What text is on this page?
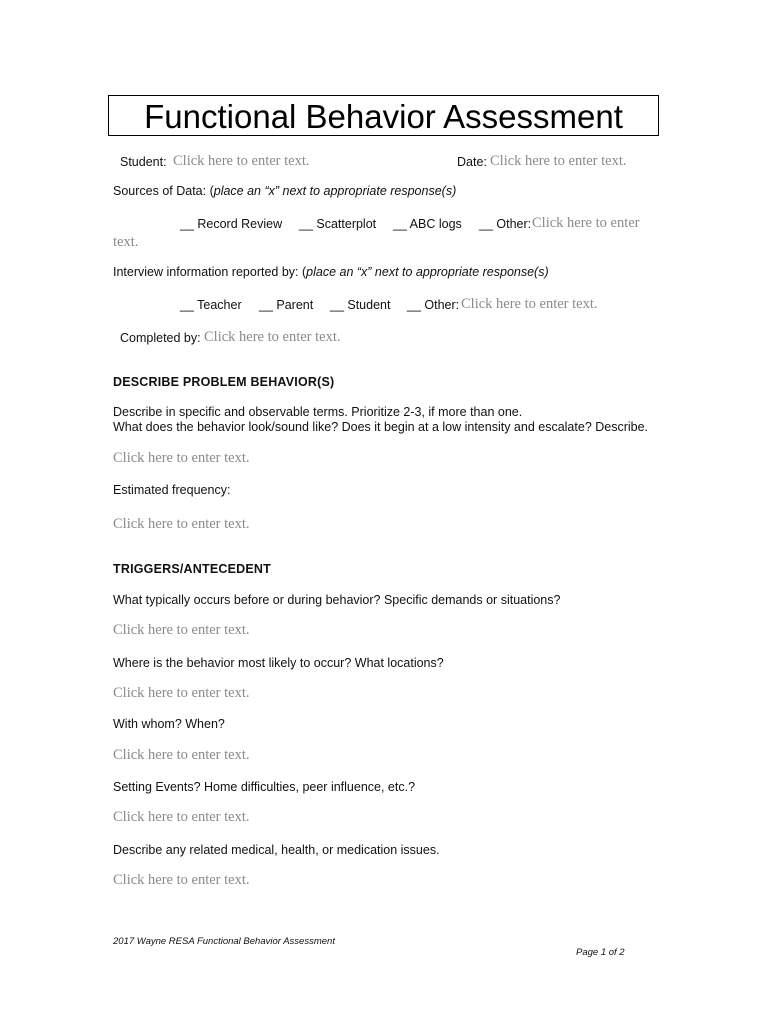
Functional Behavior Assessment
Student: Click here to enter text.	Date: Click here to enter text.
Sources of Data: (place an “x” next to appropriate response(s)
__ Record Review __ Scatterplot __ ABC logs __ Other: Click here to enter
text.
Interview information reported by: (place an “x” next to appropriate response(s)
__ Teacher __ Parent __ Student __ Other: Click here to enter text.
Completed by: Click here to enter text.
DESCRIBE PROBLEM BEHAVIOR(S)
Describe in specific and observable terms. Prioritize 2-3, if more than one.
What does the behavior look/sound like? Does it begin at a low intensity and escalate? Describe.
Click here to enter text.
Estimated frequency:
Click here to enter text.
TRIGGERS/ANTECEDENT
What typically occurs before or during behavior? Specific demands or situations?
Click here to enter text.
Where is the behavior most likely to occur? What locations?
Click here to enter text.
With whom? When?
Click here to enter text.
Setting Events? Home difficulties, peer influence, etc.?
Click here to enter text.
Describe any related medical, health, or medication issues.
Click here to enter text.
2017 Wayne RESA Functional Behavior Assessment
Page 1 of 2
